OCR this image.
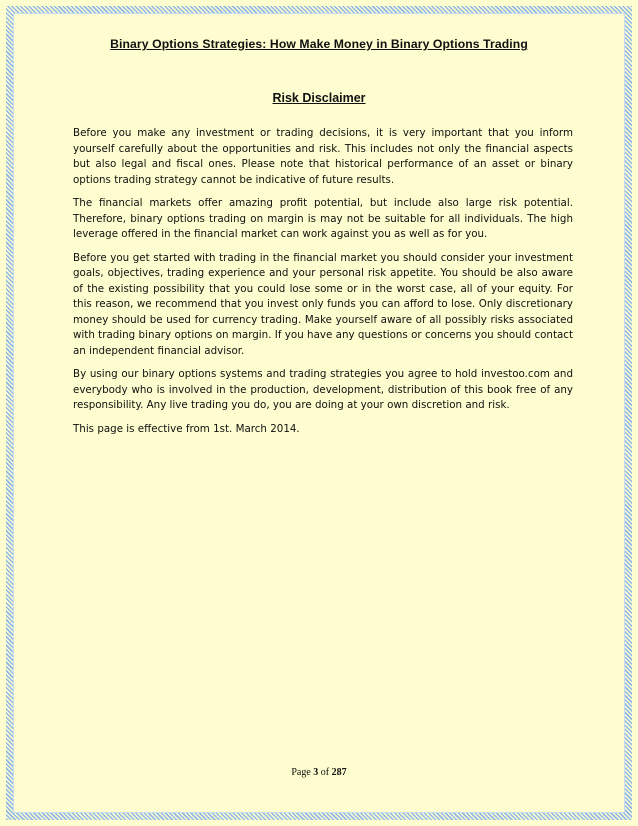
Binary Options Strategies: How Make Money in Binary Options Trading
Risk Disclaimer

Before you make any investment or trading decisions, it is very important that you inform yourself carefully about the opportunities and risk. This includes not only the financial aspects but also legal and fiscal ones. Please note that historical performance of an asset or binary options trading strategy cannot be indicative of future results.

The financial markets offer amazing profit potential, but include also large risk potential. Therefore, binary options trading on margin is may not be suitable for all individuals. The high leverage offered in the financial market can work against you as well as for you.

Before you get started with trading in the financial market you should consider your investment goals, objectives, trading experience and your personal risk appetite. You should be also aware of the existing possibility that you could lose some or in the worst case, all of your equity. For this reason, we recommend that you invest only funds you can afford to lose. Only discretionary money should be used for currency trading. Make yourself aware of all possibly risks associated with trading binary options on margin. If you have any questions or concerns you should contact an independent financial advisor.

By using our binary options systems and trading strategies you agree to hold investoo.com and everybody who is involved in the production, development, distribution of this book free of any responsibility. Any live trading you do, you are doing at your own discretion and risk.

This page is effective from 1st. March 2014.

Page 3 of 287
